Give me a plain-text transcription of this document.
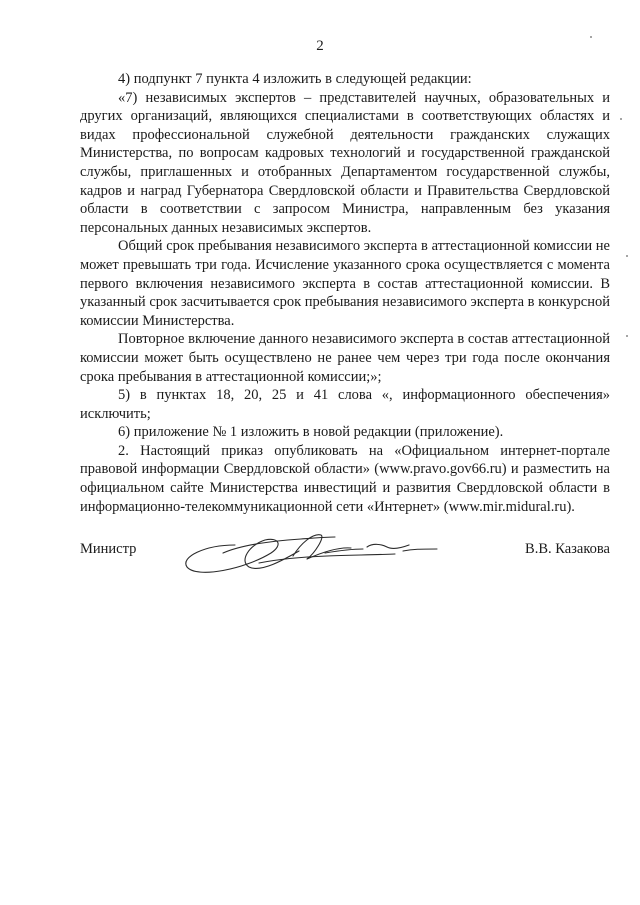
2

4) подпункт 7 пункта 4 изложить в следующей редакции:

«7) независимых экспертов – представителей научных, образовательных и других организаций, являющихся специалистами в соответствующих областях и видах профессиональной служебной деятельности гражданских служащих Министерства, по вопросам кадровых технологий и государственной гражданской службы, приглашенных и отобранных Департаментом государственной службы, кадров и наград Губернатора Свердловской области и Правительства Свердловской области в соответствии с запросом Министра, направленным без указания персональных данных независимых экспертов.

Общий срок пребывания независимого эксперта в аттестационной комиссии не может превышать три года. Исчисление указанного срока осуществляется с момента первого включения независимого эксперта в состав аттестационной комиссии. В указанный срок засчитывается срок пребывания независимого эксперта в конкурсной комиссии Министерства.

Повторное включение данного независимого эксперта в состав аттестационной комиссии может быть осуществлено не ранее чем через три года после окончания срока пребывания в аттестационной комиссии;»;

5) в пунктах 18, 20, 25 и 41 слова «, информационного обеспечения» исключить;

6) приложение № 1 изложить в новой редакции (приложение).

2. Настоящий приказ опубликовать на «Официальном интернет-портале правовой информации Свердловской области» (www.pravo.gov66.ru) и разместить на официальном сайте Министерства инвестиций и развития Свердловской области в информационно-телекоммуникационной сети «Интернет» (www.mir.midural.ru).

Министр	В.В. Казакова
